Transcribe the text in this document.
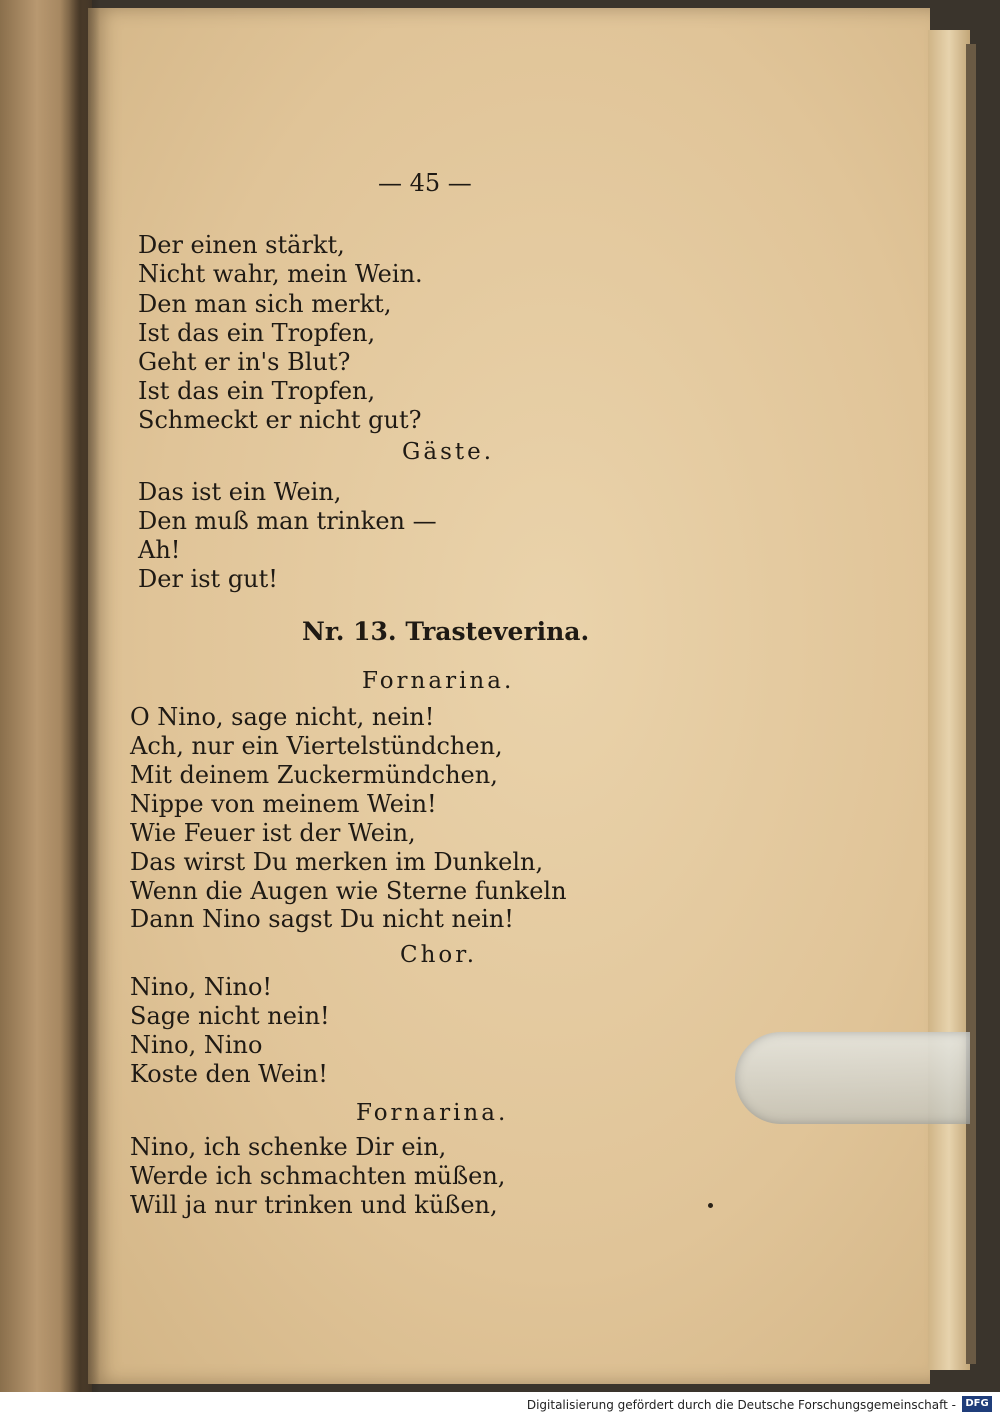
— 45 —
Der einen stärkt,
Nicht wahr, mein Wein.
Den man sich merkt,
Ist das ein Tropfen,
Geht er in's Blut?
Ist das ein Tropfen,
Schmeckt er nicht gut?
Gäste.
Das ist ein Wein,
Den muß man trinken —
Ah!
Der ist gut!
Nr. 13. Trasteverina.
Fornarina.
O Nino, sage nicht, nein!
Ach, nur ein Viertelstündchen,
Mit deinem Zuckermündchen,
Nippe von meinem Wein!
Wie Feuer ist der Wein,
Das wirst Du merken im Dunkeln,
Wenn die Augen wie Sterne funkeln
Dann Nino sagst Du nicht nein!
Chor.
Nino, Nino!
Sage nicht nein!
Nino, Nino
Koste den Wein!
Fornarina.
Nino, ich schenke Dir ein,
Werde ich schmachten müßen,
Will ja nur trinken und küßen,
Digitalisierung gefördert durch die Deutsche Forschungsgemeinschaft - DFG
